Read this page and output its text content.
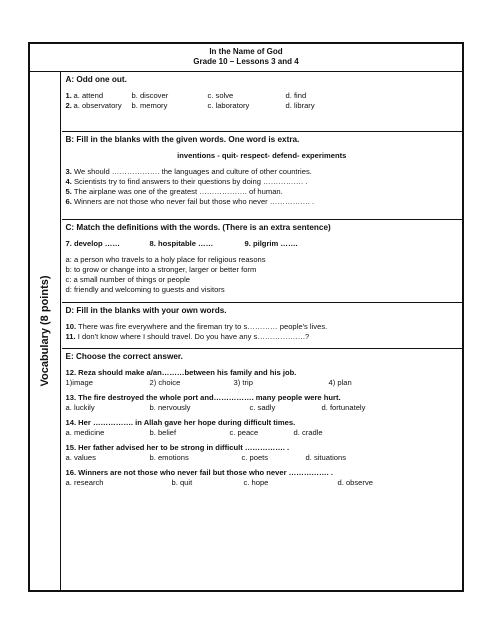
In the Name of God
Grade 10 – Lessons 3 and 4
Vocabulary (8 points)
A: Odd one out.
1. a. attend	b. discover	c. solve	d. find
2. a. observatory	b. memory	c. laboratory	d. library
B: Fill in the blanks with the given words. One word is extra.
inventions - quit- respect- defend- experiments
3. We should ………………. the languages and culture of other countries.
4. Scientists try to find answers to their questions by doing ……………. .
5. The airplane was one of the greatest ………………. of human.
6. Winners are not those who never fail but those who never ……………. .
C: Match the definitions with the words. (There is an extra sentence)
7. develop ……	8. hospitable ……	9. pilgrim …….
a: a person who travels to a holy place for religious reasons
b: to grow or change into a stronger, larger or better form
c: a small number of things or people
d: friendly and welcoming to guests and visitors
D: Fill in the blanks with your own words.
10. There was fire everywhere and the fireman try to s………… people's lives.
11. I don't know where I should travel. Do you have any s……………….?
E: Choose the correct answer.
12. Reza should make a/an………between his family and his job.
1)image	2) choice	3) trip	4) plan
13. The fire destroyed the whole port and……………. many people were hurt.
a. luckily	b. nervously	c. sadly	d. fortunately
14. Her ……………. in Allah gave her hope during difficult times.
a. medicine	b. belief	c. peace	d. cradle
15. Her father advised her to be strong in difficult ……………. .
a. values	b. emotions	c. poets	d. situations
16. Winners are not those who never fail but those who never ……………. .
a. research	b. quit	c. hope	d. observe
